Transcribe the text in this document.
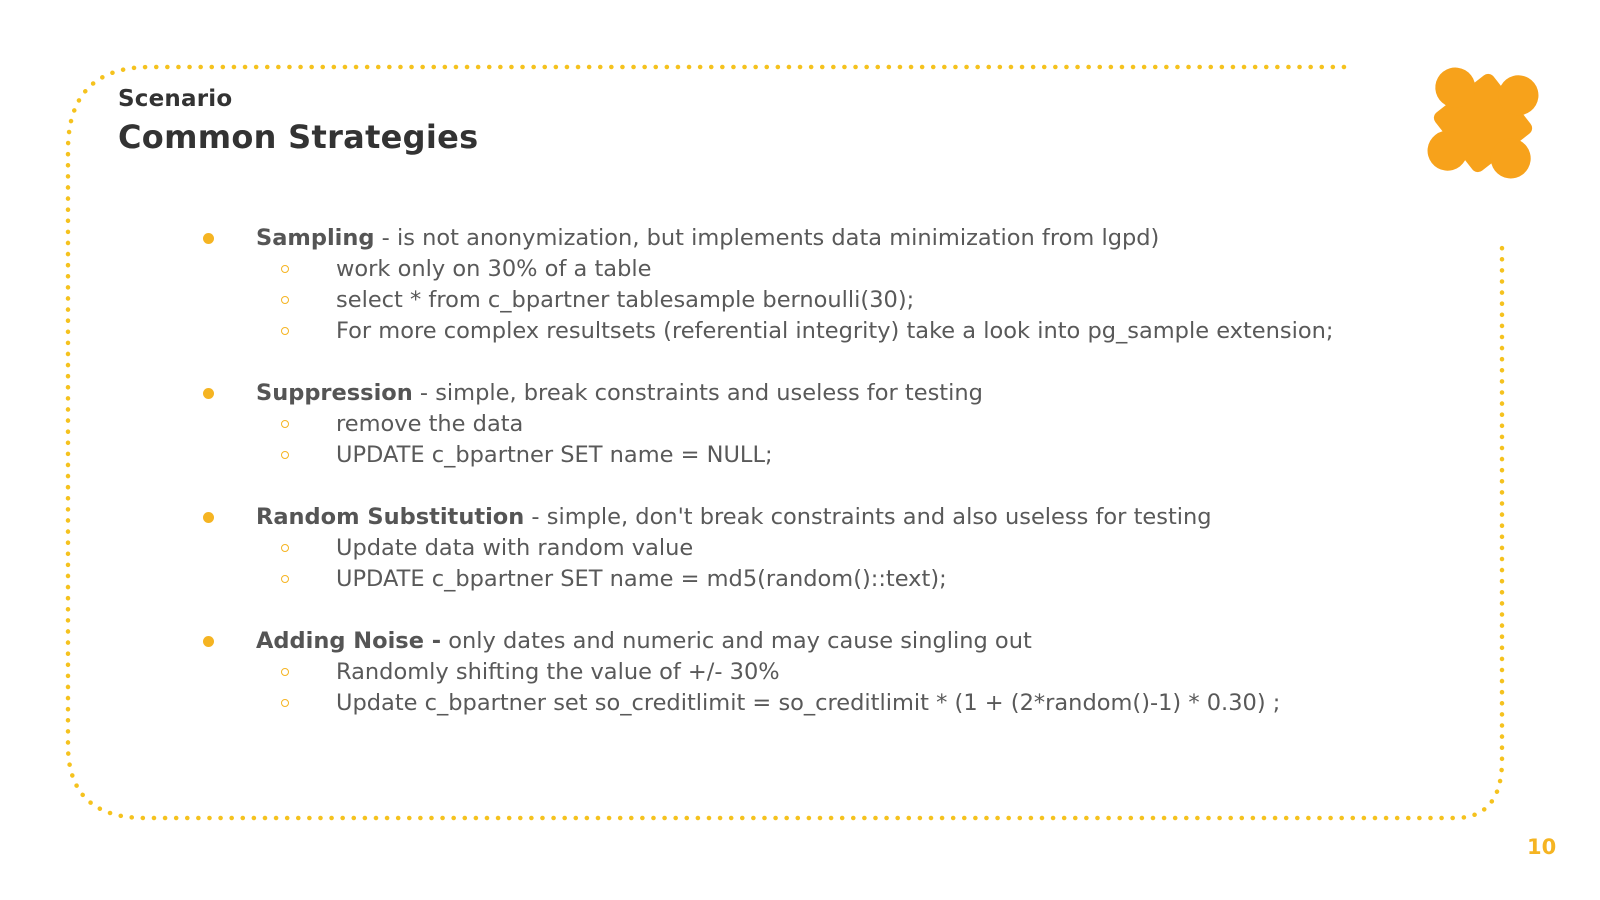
Scenario
Common Strategies
Sampling - is not anonymization, but implements data minimization from lgpd)
work only on 30% of a table
select * from c_bpartner tablesample bernoulli(30);
For more complex resultsets (referential integrity) take a look into pg_sample extension;
Suppression - simple, break constraints and useless for testing
remove the data
UPDATE c_bpartner SET name = NULL;
Random Substitution - simple, don't break constraints and also useless for testing
Update data with random value
UPDATE c_bpartner SET name = md5(random()::text);
Adding Noise - only dates and numeric and may cause singling out
Randomly shifting the value of +/- 30%
Update c_bpartner set so_creditlimit = so_creditlimit * (1 + (2*random()-1) * 0.30) ;
10
